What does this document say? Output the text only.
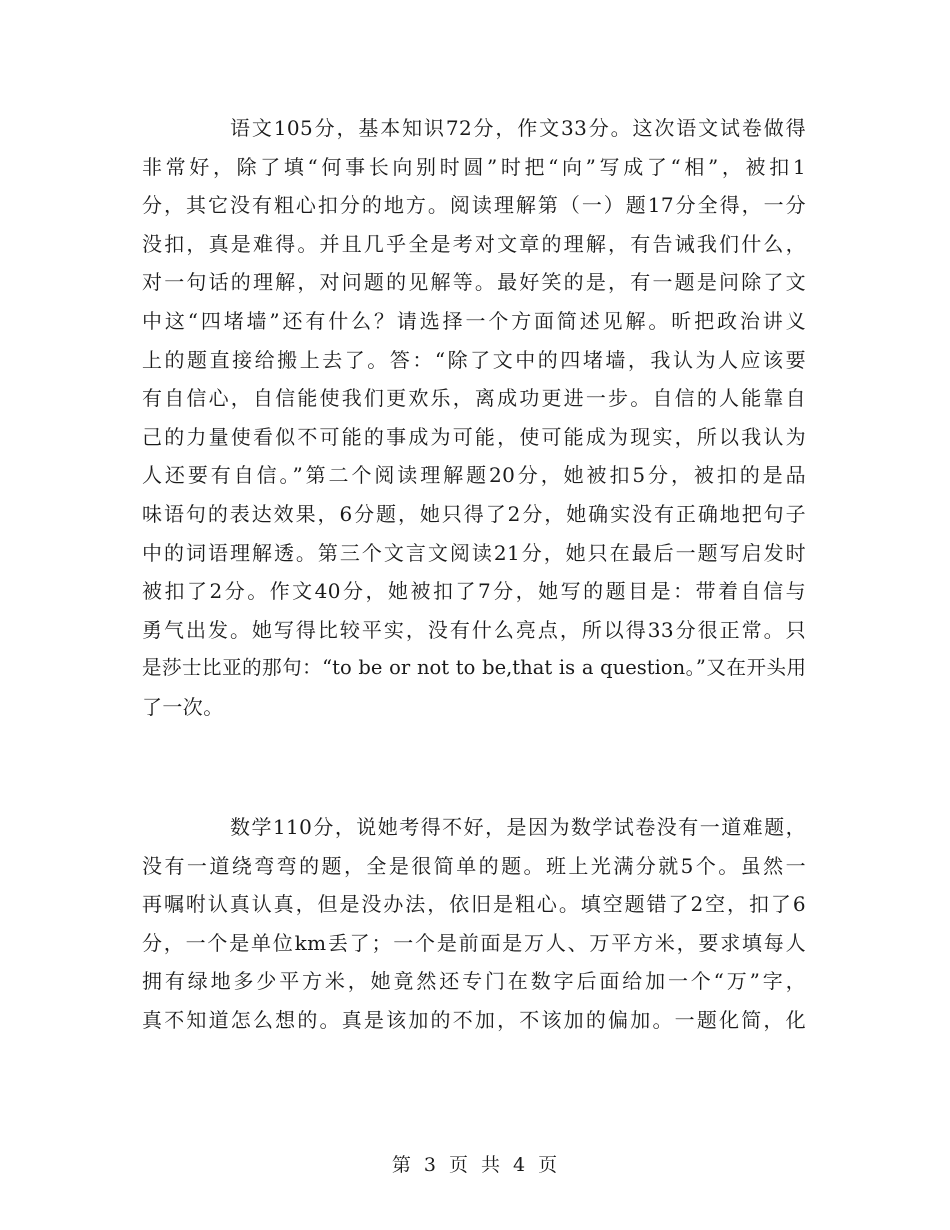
语文105分，基本知识72分，作文33分。这次语文试卷做得
非常好，除了填“何事长向别时圆”时把“向”写成了“相”，被扣1
分，其它没有粗心扣分的地方。阅读理解第（一）题17分全得，一分
没扣，真是难得。并且几乎全是考对文章的理解，有告诫我们什么，
对一句话的理解，对问题的见解等。最好笑的是，有一题是问除了文
中这“四堵墙”还有什么？请选择一个方面简述见解。昕把政治讲义
上的题直接给搬上去了。答：“除了文中的四堵墙，我认为人应该要
有自信心，自信能使我们更欢乐，离成功更进一步。自信的人能靠自
己的力量使看似不可能的事成为可能，使可能成为现实，所以我认为
人还要有自信。”第二个阅读理解题20分，她被扣5分，被扣的是品
味语句的表达效果，6分题，她只得了2分，她确实没有正确地把句子
中的词语理解透。第三个文言文阅读21分，她只在最后一题写启发时
被扣了2分。作文40分，她被扣了7分，她写的题目是：带着自信与
勇气出发。她写得比较平实，没有什么亮点，所以得33分很正常。只
是莎士比亚的那句：“to be or not to be,that is a question。”又在开头用
了一次。
数学110分，说她考得不好，是因为数学试卷没有一道难题，
没有一道绕弯弯的题，全是很简单的题。班上光满分就5个。虽然一
再嘱咐认真认真，但是没办法，依旧是粗心。填空题错了2空，扣了6
分，一个是单位km丢了；一个是前面是万人、万平方米，要求填每人
拥有绿地多少平方米，她竟然还专门在数字后面给加一个“万”字，
真不知道怎么想的。真是该加的不加，不该加的偏加。一题化简，化
第 3 页 共 4 页
